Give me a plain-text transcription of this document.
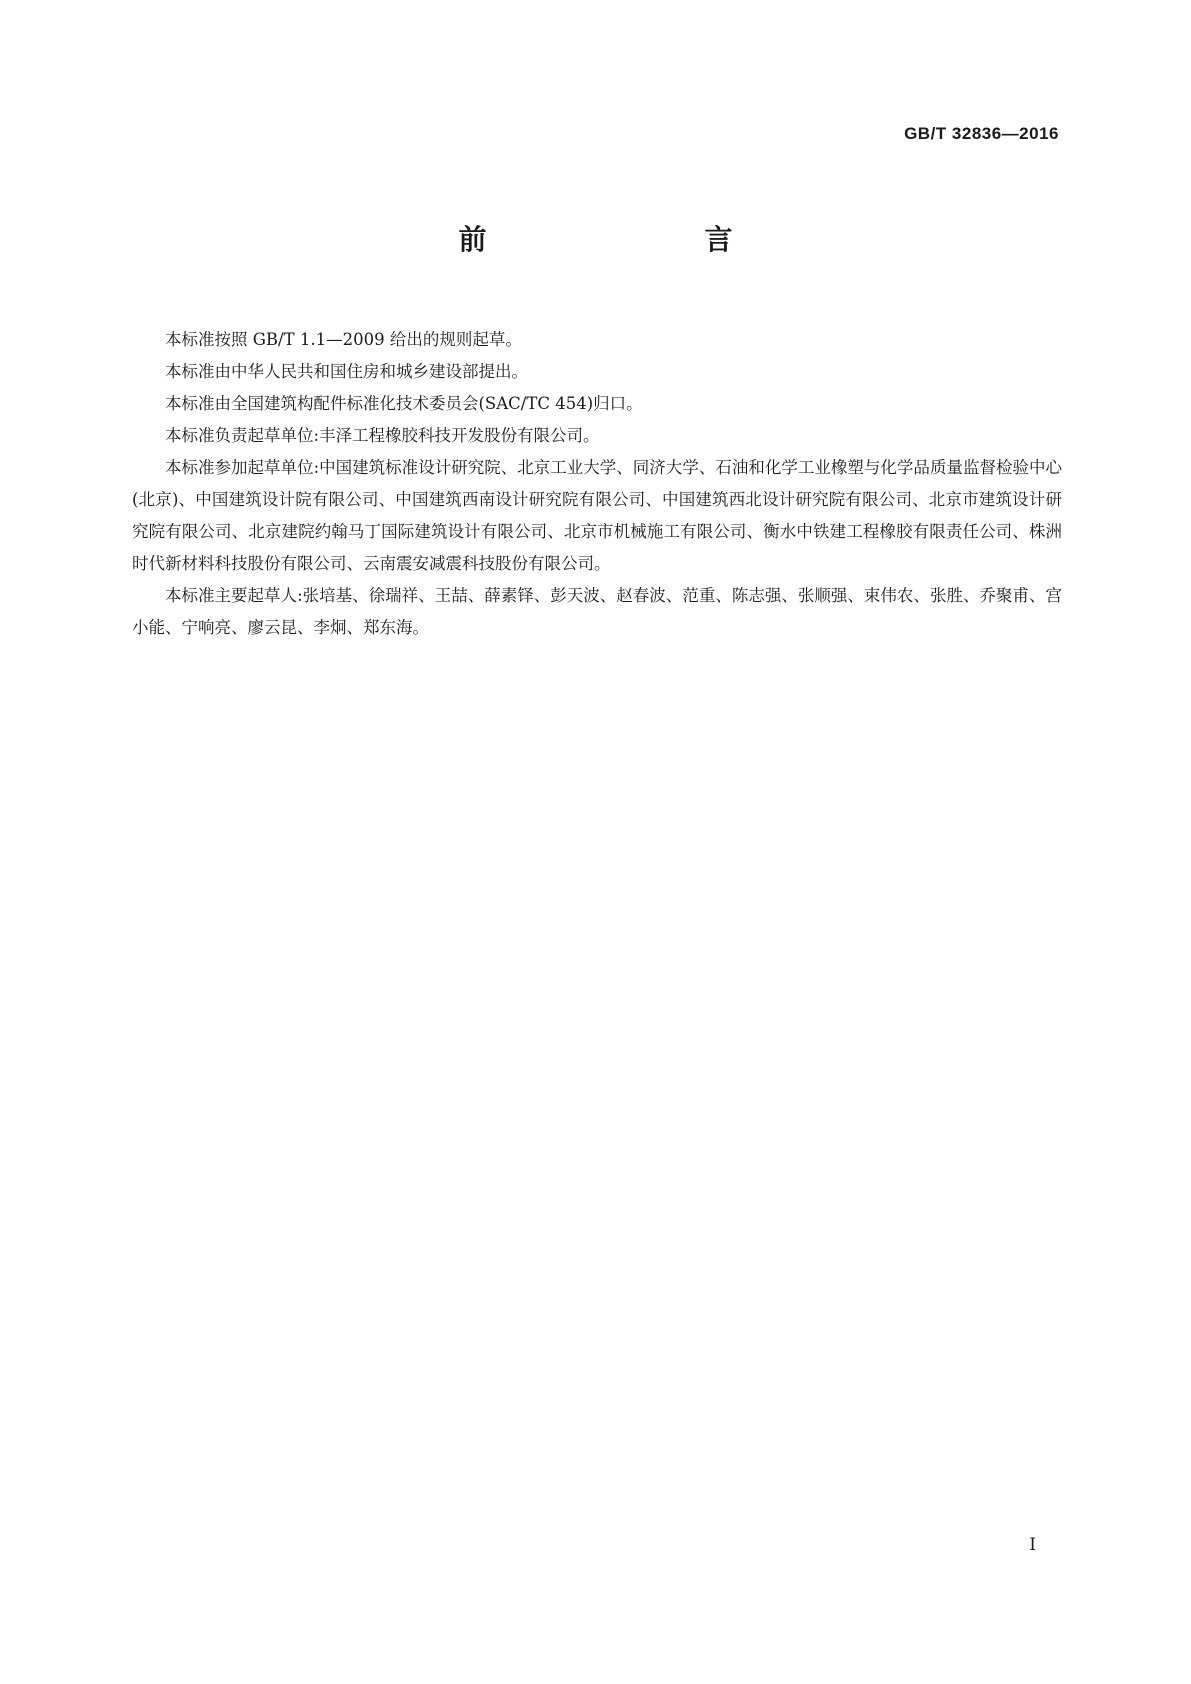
GB/T 32836—2016
前　　言

本标准按照 GB/T 1.1—2009 给出的规则起草。

本标准由中华人民共和国住房和城乡建设部提出。

本标准由全国建筑构配件标准化技术委员会(SAC/TC 454)归口。

本标准负责起草单位:丰泽工程橡胶科技开发股份有限公司。

本标准参加起草单位:中国建筑标准设计研究院、北京工业大学、同济大学、石油和化学工业橡塑与化学品质量监督检验中心(北京)、中国建筑设计院有限公司、中国建筑西南设计研究院有限公司、中国建筑西北设计研究院有限公司、北京市建筑设计研究院有限公司、北京建院约翰马丁国际建筑设计有限公司、北京市机械施工有限公司、衡水中铁建工程橡胶有限责任公司、株洲时代新材料科技股份有限公司、云南震安减震科技股份有限公司。

本标准主要起草人:张培基、徐瑞祥、王喆、薛素铎、彭天波、赵春波、范重、陈志强、张顺强、束伟农、张胜、乔聚甫、宫小能、宁响亮、廖云昆、李炯、郑东海。

I
